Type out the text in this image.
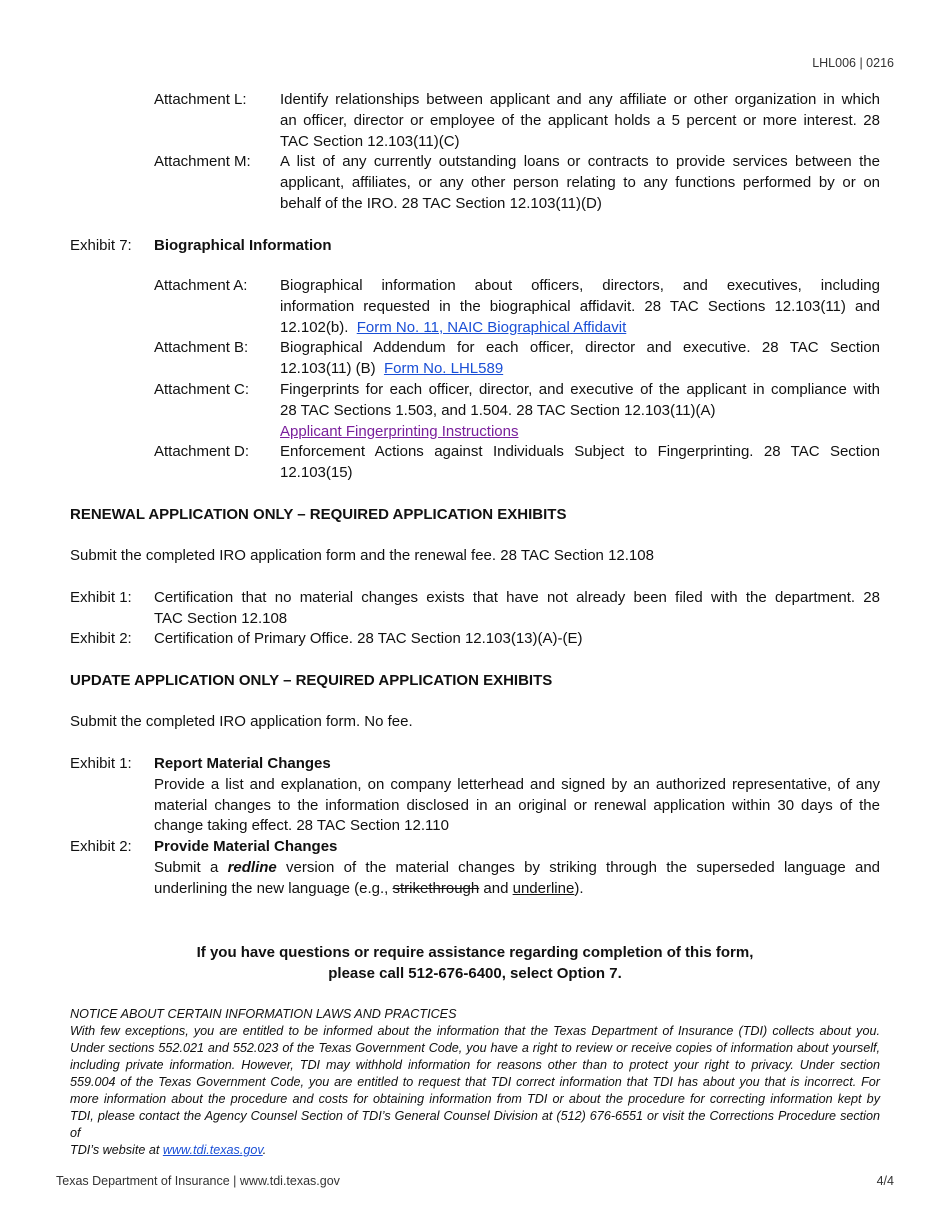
LHL006 | 0216
Attachment L: Identify relationships between applicant and any affiliate or other organization in which
an officer, director or employee of the applicant holds a 5 percent or more interest. 28
TAC Section 12.103(11)(C)
Attachment M: A list of any currently outstanding loans or contracts to provide services between the
applicant, affiliates, or any other person relating to any functions performed by or on
behalf of the IRO. 28 TAC Section 12.103(11)(D)
Exhibit 7: Biographical Information
Attachment A: Biographical information about officers, directors, and executives, including
information requested in the biographical affidavit. 28 TAC Sections 12.103(11) and
12.102(b).  Form No. 11, NAIC Biographical Affidavit
Attachment B: Biographical Addendum for each officer, director and executive. 28 TAC Section
12.103(11) (B)  Form No. LHL589
Attachment C: Fingerprints for each officer, director, and executive of the applicant in compliance with
28 TAC Sections 1.503, and 1.504. 28 TAC Section 12.103(11)(A)
Applicant Fingerprinting Instructions
Attachment D: Enforcement Actions against Individuals Subject to Fingerprinting. 28 TAC Section
12.103(15)
RENEWAL APPLICATION ONLY – REQUIRED APPLICATION EXHIBITS
Submit the completed IRO application form and the renewal fee. 28 TAC Section 12.108
Exhibit 1: Certification that no material changes exists that have not already been filed with the department. 28
TAC Section 12.108
Exhibit 2: Certification of Primary Office. 28 TAC Section 12.103(13)(A)-(E)
UPDATE APPLICATION ONLY – REQUIRED APPLICATION EXHIBITS
Submit the completed IRO application form. No fee.
Exhibit 1: Report Material Changes
Provide a list and explanation, on company letterhead and signed by an authorized representative, of any
material changes to the information disclosed in an original or renewal application within 30 days of the
change taking effect. 28 TAC Section 12.110
Exhibit 2: Provide Material Changes
Submit a redline version of the material changes by striking through the superseded language and
underlining the new language (e.g., strikethrough and underline).
If you have questions or require assistance regarding completion of this form,
please call 512-676-6400, select Option 7.
NOTICE ABOUT CERTAIN INFORMATION LAWS AND PRACTICES
With few exceptions, you are entitled to be informed about the information that the Texas Department of Insurance (TDI) collects about you.
Under sections 552.021 and 552.023 of the Texas Government Code, you have a right to review or receive copies of information about yourself,
including private information. However, TDI may withhold information for reasons other than to protect your right to privacy. Under section
559.004 of the Texas Government Code, you are entitled to request that TDI correct information that TDI has about you that is incorrect. For
more information about the procedure and costs for obtaining information from TDI or about the procedure for correcting information kept by
TDI, please contact the Agency Counsel Section of TDI’s General Counsel Division at (512) 676-6551 or visit the Corrections Procedure section of
TDI’s website at www.tdi.texas.gov.
Texas Department of Insurance | www.tdi.texas.gov	4/4
